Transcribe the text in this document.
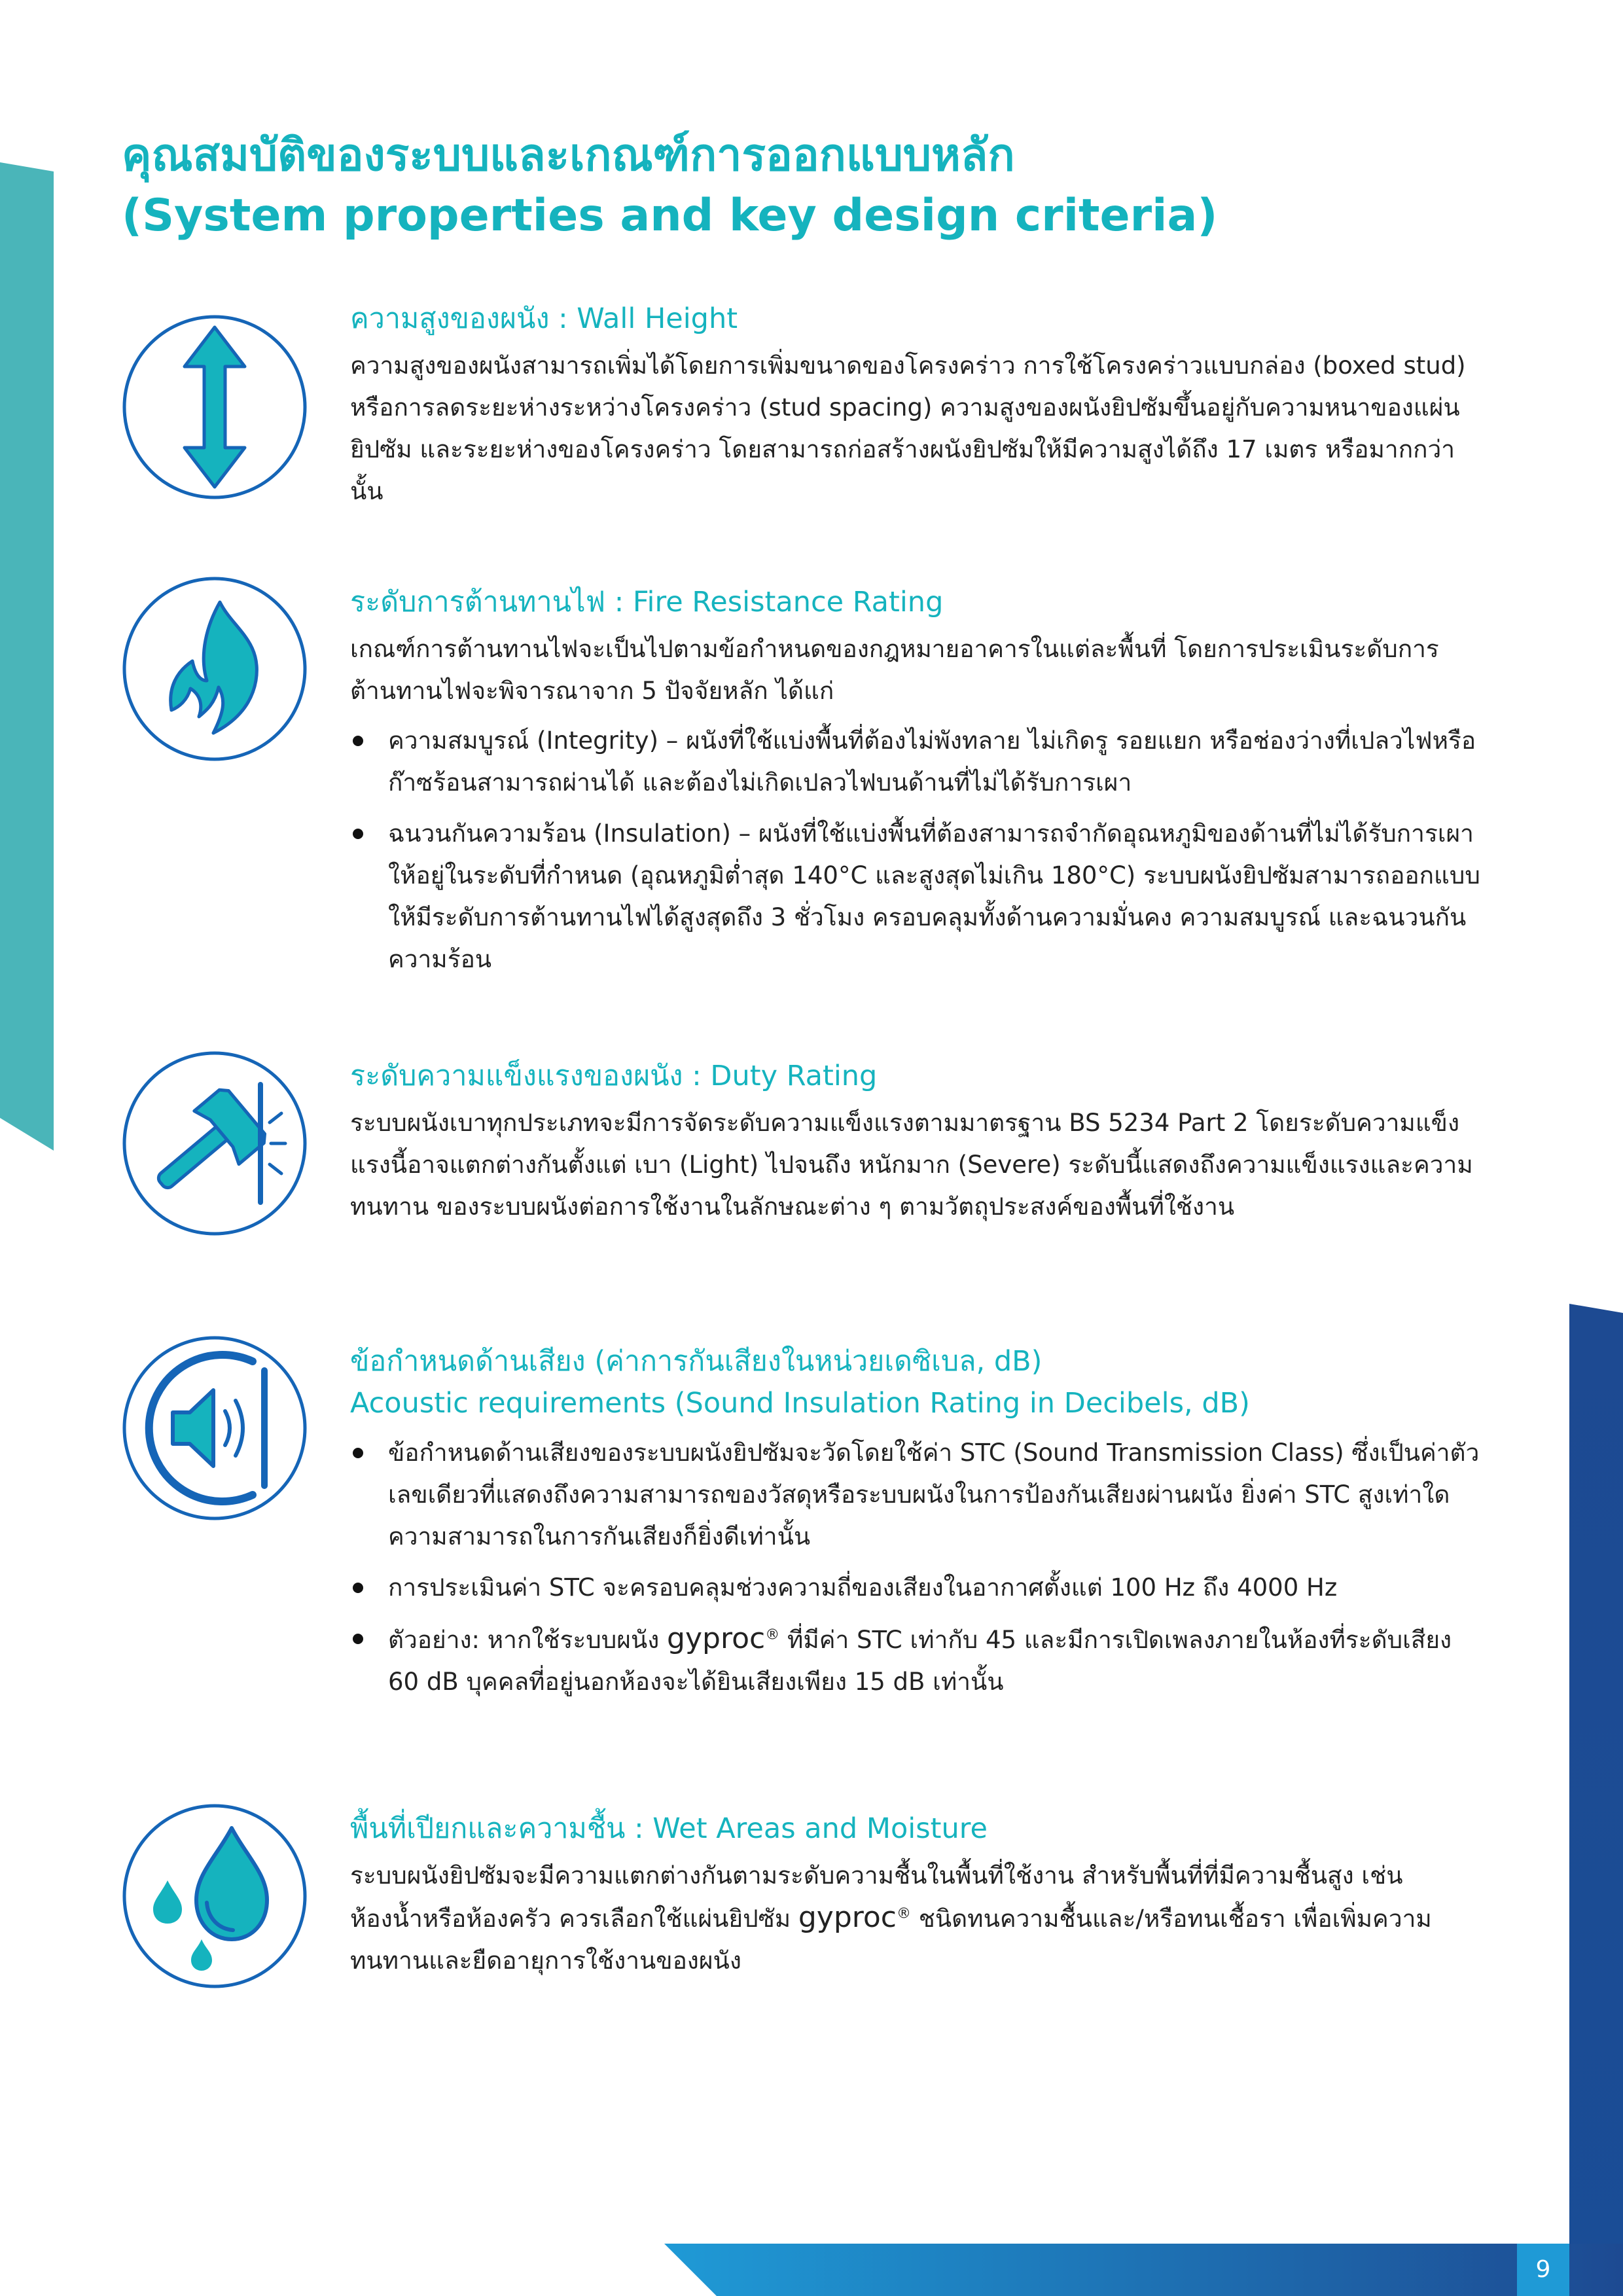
9
คุณสมบัติของระบบและเกณฑ์การออกแบบหลัก
(System properties and key design criteria)
ความสูงของผนัง : Wall Height

ความสูงของผนังสามารถเพิ่มได้โดยการเพิ่มขนาดของโครงคร่าว การใช้โครงคร่าวแบบกล่อง (boxed stud) หรือการลดระยะห่างระหว่างโครงคร่าว (stud spacing) ความสูงของผนังยิปซัมขึ้นอยู่กับความหนาของแผ่นยิปซัม และระยะห่างของโครงคร่าว โดยสามารถก่อสร้างผนังยิปซัมให้มีความสูงได้ถึง 17 เมตร หรือมากกว่านั้น

ระดับการต้านทานไฟ : Fire Resistance Rating

เกณฑ์การต้านทานไฟจะเป็นไปตามข้อกำหนดของกฎหมายอาคารในแต่ละพื้นที่ โดยการประเมินระดับการต้านทานไฟจะพิจารณาจาก 5 ปัจจัยหลัก ได้แก่

ความสมบูรณ์ (Integrity) – ผนังที่ใช้แบ่งพื้นที่ต้องไม่พังทลาย ไม่เกิดรู รอยแยก หรือช่องว่างที่เปลวไฟหรือก๊าซร้อนสามารถผ่านได้ และต้องไม่เกิดเปลวไฟบนด้านที่ไม่ได้รับการเผา
ฉนวนกันความร้อน (Insulation) – ผนังที่ใช้แบ่งพื้นที่ต้องสามารถจำกัดอุณหภูมิของด้านที่ไม่ได้รับการเผาให้อยู่ในระดับที่กำหนด (อุณหภูมิต่ำสุด 140°C และสูงสุดไม่เกิน 180°C) ระบบผนังยิปซัมสามารถออกแบบให้มีระดับการต้านทานไฟได้สูงสุดถึง 3 ชั่วโมง ครอบคลุมทั้งด้านความมั่นคง ความสมบูรณ์ และฉนวนกันความร้อน
ระดับความแข็งแรงของผนัง : Duty Rating

ระบบผนังเบาทุกประเภทจะมีการจัดระดับความแข็งแรงตามมาตรฐาน BS 5234 Part 2 โดยระดับความแข็งแรงนี้อาจแตกต่างกันตั้งแต่ เบา (Light) ไปจนถึง หนักมาก (Severe) ระดับนี้แสดงถึงความแข็งแรงและความทนทาน ของระบบผนังต่อการใช้งานในลักษณะต่าง ๆ ตามวัตถุประสงค์ของพื้นที่ใช้งาน

ข้อกำหนดด้านเสียง (ค่าการกันเสียงในหน่วยเดซิเบล, dB)
Acoustic requirements (Sound Insulation Rating in Decibels, dB)
ข้อกำหนดด้านเสียงของระบบผนังยิปซัมจะวัดโดยใช้ค่า STC (Sound Transmission Class) ซึ่งเป็นค่าตัวเลขเดียวที่แสดงถึงความสามารถของวัสดุหรือระบบผนังในการป้องกันเสียงผ่านผนัง ยิ่งค่า STC สูงเท่าใด ความสามารถในการกันเสียงก็ยิ่งดีเท่านั้น
การประเมินค่า STC จะครอบคลุมช่วงความถี่ของเสียงในอากาศตั้งแต่ 100 Hz ถึง 4000 Hz
ตัวอย่าง: หากใช้ระบบผนัง gyproc® ที่มีค่า STC เท่ากับ 45 และมีการเปิดเพลงภายในห้องที่ระดับเสียง 60 dB บุคคลที่อยู่นอกห้องจะได้ยินเสียงเพียง 15 dB เท่านั้น
พื้นที่เปียกและความชื้น : Wet Areas and Moisture

ระบบผนังยิปซัมจะมีความแตกต่างกันตามระดับความชื้นในพื้นที่ใช้งาน สำหรับพื้นที่ที่มีความชื้นสูง เช่น ห้องน้ำหรือห้องครัว ควรเลือกใช้แผ่นยิปซัม gyproc® ชนิดทนความชื้นและ/หรือทนเชื้อรา เพื่อเพิ่มความทนทานและยืดอายุการใช้งานของผนัง
